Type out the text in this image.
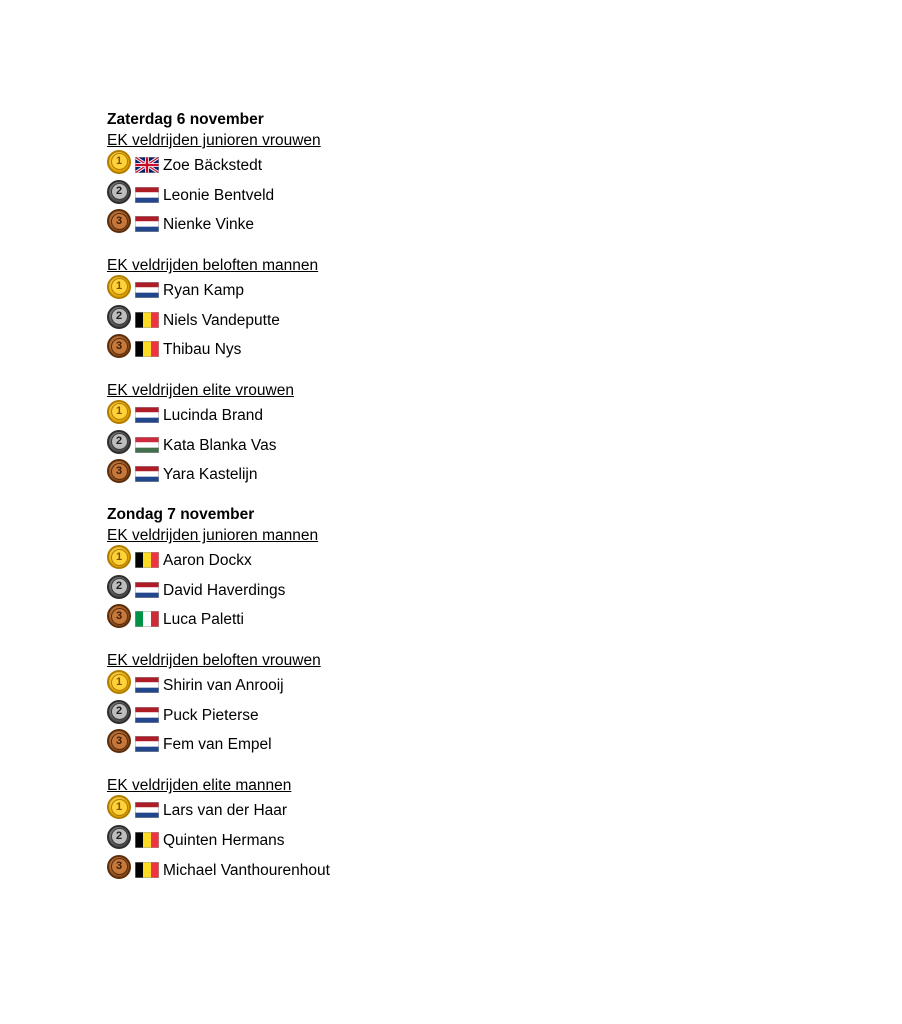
Zaterdag 6 november
EK veldrijden junioren vrouwen
1	Zoe Bäckstedt
2	Leonie Bentveld
3	Nienke Vinke
EK veldrijden beloften mannen
1	Ryan Kamp
2	Niels Vandeputte
3	Thibau Nys
EK veldrijden elite vrouwen
1	Lucinda Brand
2	Kata Blanka Vas
3	Yara Kastelijn
Zondag 7 november
EK veldrijden junioren mannen
1	Aaron Dockx
2	David Haverdings
3	Luca Paletti
EK veldrijden beloften vrouwen
1	Shirin van Anrooij
2	Puck Pieterse
3	Fem van Empel
EK veldrijden elite mannen
1	Lars van der Haar
2	Quinten Hermans
3	Michael Vanthourenhout
